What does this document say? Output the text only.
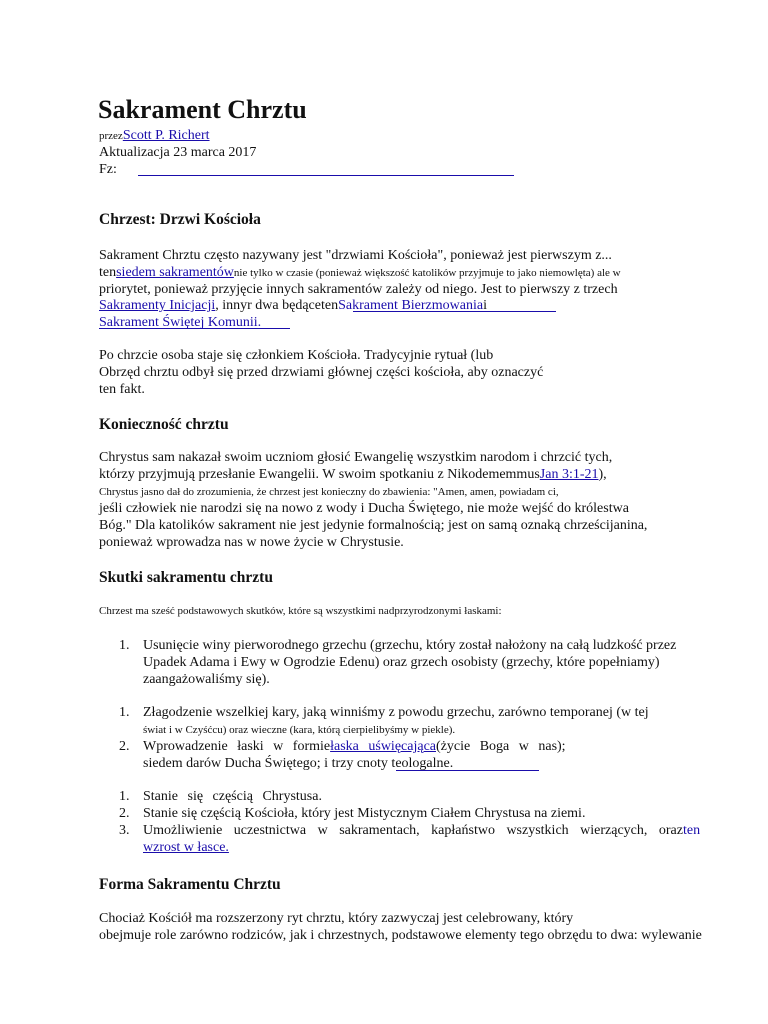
Sakrament Chrztu
przezScott P. Richert
Aktualizacja 23 marca 2017
Fz:
Chrzest: Drzwi Kościoła
Sakrament Chrztu często nazywany jest "drzwiami Kościoła", ponieważ jest pierwszym z...
tensiedem sakramentównie tylko w czasie (ponieważ większość katolików przyjmuje to jako niemowlęta) ale w
priorytet, ponieważ przyjęcie innych sakramentów zależy od niego. Jest to pierwszy z trzech
Sakramenty Inicjacji, innyr dwa będącetenSakrament Bierzmowaniai
Sakrament Świętej Komunii.
Po chrzcie osoba staje się członkiem Kościoła. Tradycyjnie rytuał (lub
Obrzęd chrztu odbył się przed drzwiami głównej części kościoła, aby oznaczyć
ten fakt.
Konieczność chrztu
Chrystus sam nakazał swoim uczniom głosić Ewangelię wszystkim narodom i chrzcić tych,
którzy przyjmują przesłanie Ewangelii. W swoim spotkaniu z NikodememmusJan 3:1-21),
Chrystus jasno dał do zrozumienia, że chrzest jest konieczny do zbawienia: "Amen, amen, powiadam ci,
jeśli człowiek nie narodzi się na nowo z wody i Ducha Świętego, nie może wejść do królestwa
Bóg." Dla katolików sakrament nie jest jedynie formalnością; jest on samą oznaką chrześcijanina,
ponieważ wprowadza nas w nowe życie w Chrystusie.
Skutki sakramentu chrztu
Chrzest ma sześć podstawowych skutków, które są wszystkimi nadprzyrodzonymi łaskami:
1. Usunięcie winy pierworodnego grzechu (grzechu, który został nałożony na całą ludzkość przez
Upadek Adama i Ewy w Ogrodzie Edenu) oraz grzech osobisty (grzechy, które popełniamy)
zaangażowaliśmy się).
1. Złagodzenie wszelkiej kary, jaką winniśmy z powodu grzechu, zarówno temporanej (w tej
świat i w Czyśćcu) oraz wieczne (kara, którą cierpielibyśmy w piekle).
2. Wprowadzenie łaski w formiełaska uświęcająca(życie Boga w nas);
siedem darów Ducha Świętego; i trzy cnoty teologalne.
1. Stanie się częścią Chrystusa.
2. Stanie się częścią Kościoła, który jest Mistycznym Ciałem Chrystusa na ziemi.
3. Umożliwienie uczestnictwa w sakramentach, kapłaństwo wszystkich wierzących, orazten
wzrost w łasce.
Forma Sakramentu Chrztu
Chociaż Kościół ma rozszerzony ryt chrztu, który zazwyczaj jest celebrowany, który
obejmuje role zarówno rodziców, jak i chrzestnych, podstawowe elementy tego obrzędu to dwa: wylewanie
